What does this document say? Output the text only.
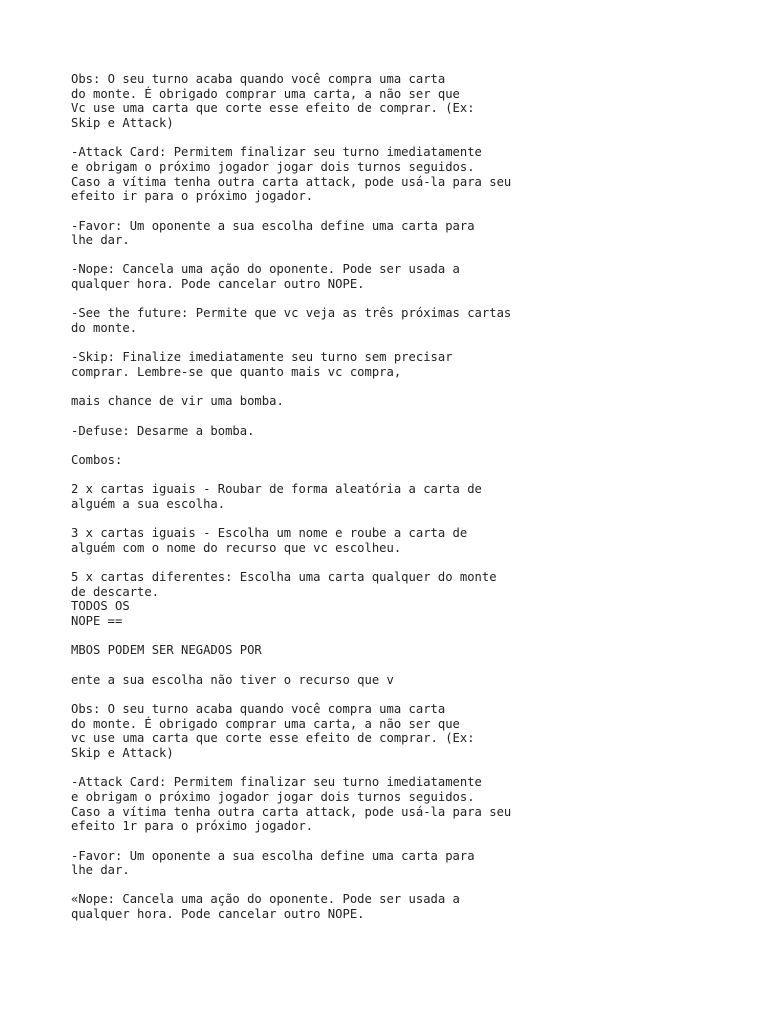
Obs: O seu turno acaba quando você compra uma carta
do monte. É obrigado comprar uma carta, a não ser que
Vc use uma carta que corte esse efeito de comprar. (Ex:
Skip e Attack)

-Attack Card: Permitem finalizar seu turno imediatamente
e obrigam o próximo jogador jogar dois turnos seguidos.
Caso a vítima tenha outra carta attack, pode usá-la para seu
efeito ir para o próximo jogador.

-Favor: Um oponente a sua escolha define uma carta para
lhe dar.

-Nope: Cancela uma ação do oponente. Pode ser usada a
qualquer hora. Pode cancelar outro NOPE.

-See the future: Permite que vc veja as três próximas cartas
do monte.

-Skip: Finalize imediatamente seu turno sem precisar
comprar. Lembre-se que quanto mais vc compra,

mais chance de vir uma bomba.

-Defuse: Desarme a bomba.

Combos:

2 x cartas iguais - Roubar de forma aleatória a carta de
alguém a sua escolha.

3 x cartas iguais - Escolha um nome e roube a carta de
alguém com o nome do recurso que vc escolheu.

5 x cartas diferentes: Escolha uma carta qualquer do monte
de descarte.
TODOS OS
NOPE ==

MBOS PODEM SER NEGADOS POR

ente a sua escolha não tiver o recurso que v

Obs: O seu turno acaba quando você compra uma carta
do monte. É obrigado comprar uma carta, a não ser que
vc use uma carta que corte esse efeito de comprar. (Ex:
Skip e Attack)

-Attack Card: Permitem finalizar seu turno imediatamente
e obrigam o próximo jogador jogar dois turnos seguidos.
Caso a vítima tenha outra carta attack, pode usá-la para seu
efeito 1r para o próximo jogador.

-Favor: Um oponente a sua escolha define uma carta para
lhe dar.

«Nope: Cancela uma ação do oponente. Pode ser usada a
qualquer hora. Pode cancelar outro NOPE.
